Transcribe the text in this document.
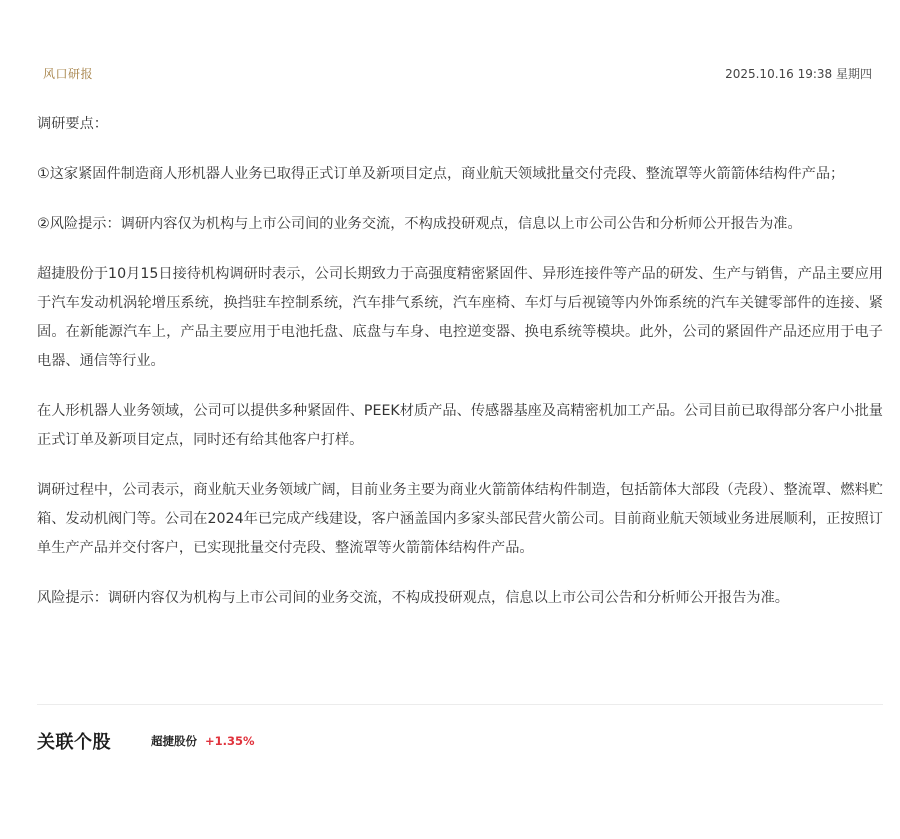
风口研报	2025.10.16 19:38 星期四

调研要点：

①这家紧固件制造商人形机器人业务已取得正式订单及新项目定点，商业航天领域批量交付壳段、整流罩等火箭箭体结构件产品；

②风险提示：调研内容仅为机构与上市公司间的业务交流，不构成投研观点，信息以上市公司公告和分析师公开报告为准。

超捷股份于10月15日接待机构调研时表示，公司长期致力于高强度精密紧固件、异形连接件等产品的研发、生产与销售，产品主要应用于汽车发动机涡轮增压系统，换挡驻车控制系统，汽车排气系统，汽车座椅、车灯与后视镜等内外饰系统的汽车关键零部件的连接、紧固。在新能源汽车上，产品主要应用于电池托盘、底盘与车身、电控逆变器、换电系统等模块。此外，公司的紧固件产品还应用于电子电器、通信等行业。

在人形机器人业务领域，公司可以提供多种紧固件、PEEK材质产品、传感器基座及高精密机加工产品。公司目前已取得部分客户小批量正式订单及新项目定点，同时还有给其他客户打样。

调研过程中，公司表示，商业航天业务领域广阔，目前业务主要为商业火箭箭体结构件制造，包括箭体大部段（壳段）、整流罩、燃料贮箱、发动机阀门等。公司在2024年已完成产线建设，客户涵盖国内多家头部民营火箭公司。目前商业航天领域业务进展顺利，正按照订单生产产品并交付客户，已实现批量交付壳段、整流罩等火箭箭体结构件产品。

风险提示：调研内容仅为机构与上市公司间的业务交流，不构成投研观点，信息以上市公司公告和分析师公开报告为准。

关联个股	超捷股份 +1.35%
